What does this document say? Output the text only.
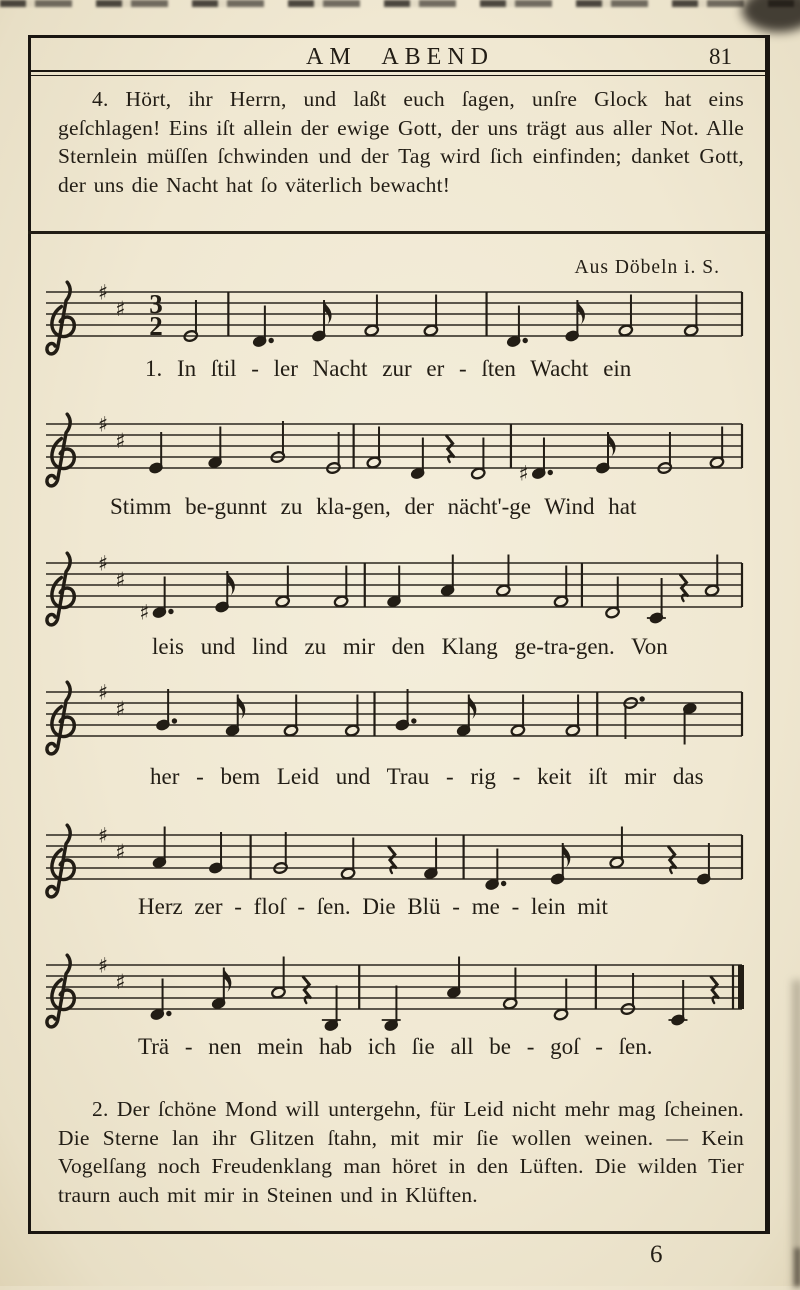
AM ABEND	81
4. Hört, ihr Herrn, und laßt euch ſagen, unſre Glock hat eins geſchlagen! Eins iſt allein der ewige Gott, der uns trägt aus aller Not. Alle Sternlein müſſen ſchwinden und der Tag wird ſich einfinden; danket Gott, der uns die Nacht hat ſo väterlich bewacht!
Aus Döbeln i. S.
♯
♯ 3
2
♯
♯
♯
♯
♯
♯
♯
♯
♯
♯
♯
♯
1. In ſtil - ler Nacht zur er - ſten Wacht ein
Stimm be-gunnt zu kla-gen, der nächt'-ge Wind hat
leis und lind zu mir den Klang ge-tra-gen. Von
her - bem Leid und Trau - rig - keit iſt mir das
Herz zer - floſ - ſen. Die Blü - me - lein mit
Trä - nen mein hab ich ſie all be - goſ - ſen.
2. Der ſchöne Mond will untergehn, für Leid nicht mehr mag ſcheinen. Die Sterne lan ihr Glitzen ſtahn, mit mir ſie wollen weinen. — Kein Vogelſang noch Freudenklang man höret in den Lüften. Die wilden Tier traurn auch mit mir in Steinen und in Klüften.
6
